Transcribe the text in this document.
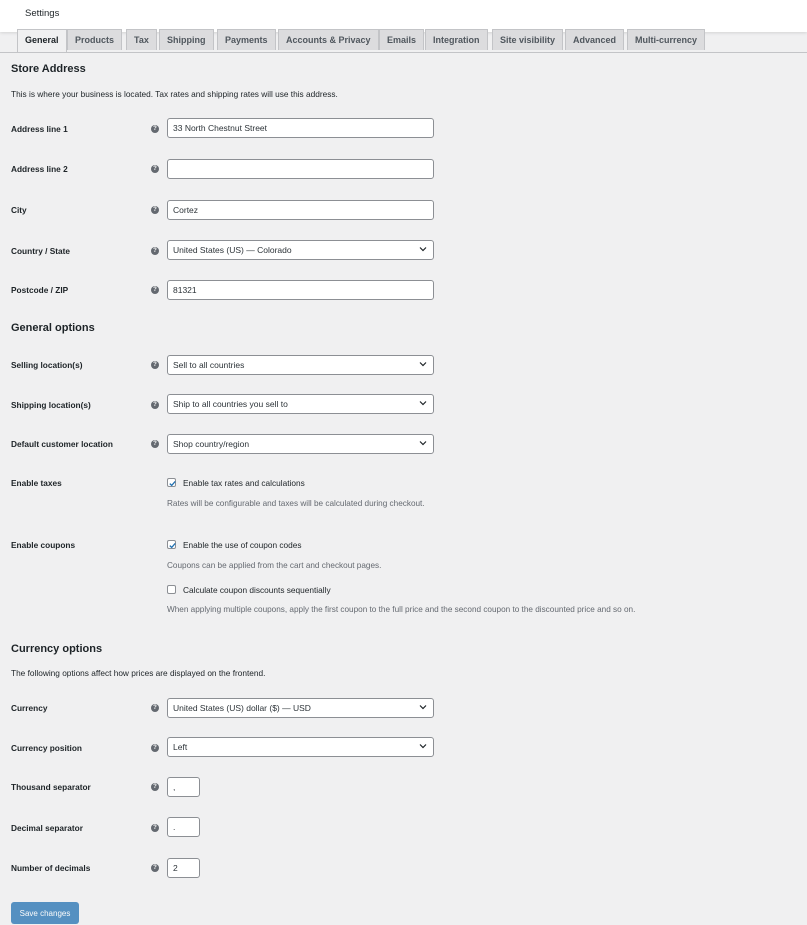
Settings
General	Products	Tax	Shipping	Payments	Accounts & Privacy	Emails	Integration	Site visibility	Advanced	Multi-currency
Store Address

This is where your business is located. Tax rates and shipping rates will use this address.

Address line 1	?	33 North Chestnut Street
Address line 2	?
City	?	Cortez
Country / State	?	United States (US) — Colorado
Postcode / ZIP	?	81321
General options
Selling location(s)	?	Sell to all countries
Shipping location(s)	?	Ship to all countries you sell to
Default customer location	?	Shop country/region
Enable taxes	Enable tax rates and calculations
Rates will be configurable and taxes will be calculated during checkout.
Enable coupons	Enable the use of coupon codes
Coupons can be applied from the cart and checkout pages.
Calculate coupon discounts sequentially
When applying multiple coupons, apply the first coupon to the full price and the second coupon to the discounted price and so on.
Currency options

The following options affect how prices are displayed on the frontend.

Currency	?	United States (US) dollar ($) — USD
Currency position	?	Left
Thousand separator	?	,
Decimal separator	?	.
Number of decimals	?	2
Save changes
